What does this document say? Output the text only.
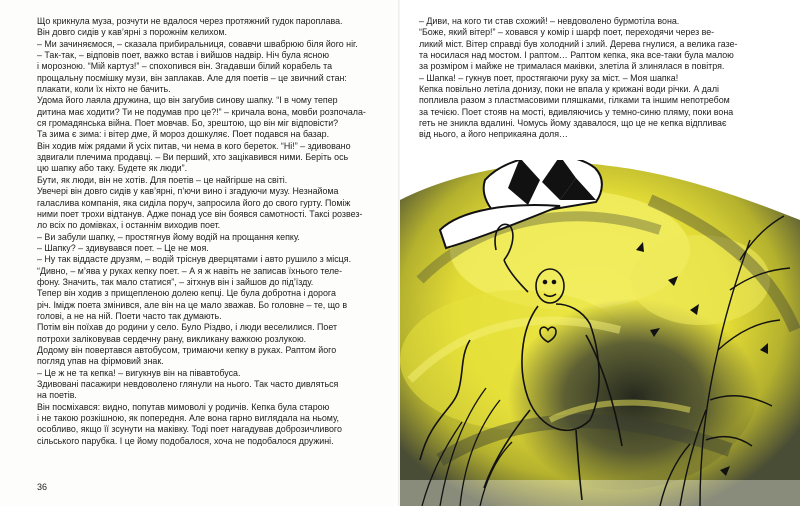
Що крикнула муза, розчути не вдалося через протяжний гудок пароплава.
Він довго сидів у кав’ярні з порожнім келихом.
– Ми зачиняємося, – сказала прибиральниця, совавчи швабрюю біля його ніг.
– Так-так, – відповів поет, важко встав і вийшов надвір. Ніч була ясною
і морозною. “Мій картуз!” – спохопився він. Згадавши білий корабель та
прощальну посмішку музи, він заплакав. Але для поетів – це звичний стан:
плакати, коли їх ніхто не бачить.
Удома його лаяла дружина, що він загубив синову шапку. “І в чому тепер
дитина має ходити? Ти не подумав про це?!” – кричала вона, мовби розпочала-
ся громадянська війна. Поет мовчав. Бо, зрештою, що він міг відповісти?
Та зима є зима: і вітер дме, й мороз дошкуляє. Поет подався на базар.
Він ходив між рядами й усіх питав, чи нема в кого береток. “Ні!” – здивовано
здвигали плечима продавці. – Ви перший, хто зацікавився ними. Беріть ось
цю шапку або таку. Будете як люди”.
Бути, як люди, він не хотів. Для поетів – це найгірше на світі.
Увечері він довго сидів у кав’ярні, п’ючи вино і згадуючи музу. Незнайома
галаслива компанія, яка сиділа поруч, запросила його до свого гурту. Поміж
ними поет трохи відтанув. Адже понад усе він боявся самотності. Таксі розвез-
ло всіх по домівках, і останнім виходив поет.
– Ви забули шапку, – простягнув йому водій на прощання кепку.
– Шапку? – здивувався поет. – Це не моя.
– Ну так віддасте друзям, – водій тріснув дверцятами і авто рушило з місця.
“Дивно, – м’ява у руках кепку поет. – А я ж навіть не записав їхнього теле-
фону. Значить, так мало статися”, – зітхнув він і зайшов до під’їзду.
Тепер він ходив з прищепленою долею кепці. Це була добротна і дорога
річ. Імідж поета змінився, але він на це мало зважав. Бо головне – те, що в
голові, а не на ній. Поети часто так думають.
Потім він поїхав до родини у село. Було Різдво, і люди веселилися. Поет
потрохи заліковував сердечну рану, викликану важкою розлукою.
Додому він повертався автобусом, тримаючи кепку в руках. Раптом його
погляд упав на фірмовий знак.
– Це ж не та кепка! – вигукнув він на півавтобуса.
Здивовані пасажири невдоволено глянули на нього. Так часто дивляться
на поетів.
Він посміхався: видно, попутав мимоволі у родичів. Кепка була старою
і не такою розкішною, як попередня. Але вона гарно виглядала на ньому,
особливо, якщо її зсунути на маківку. Тоді поет нагадував доброзичливого
сільського парубка. І це йому подобалося, хоча не подобалося дружині.
36
– Диви, на кого ти став схожий! – невдоволено бурмотіла вона.
“Боже, який вітер!” – ховався у комір і шарф поет, переходячи через ве-
ликий міст. Вітер справді був холодний і злий. Дерева гнулися, а велика газе-
та носилася над мостом. І раптом… Раптом кепка, яка все-таки була малою
за розміром і майже не трималася маківки, злетіла й злинялася в повітря.
– Шапка! – гукнув поет, простягаючи руку за міст. – Моя шапка!
Кепка повільно летіла донизу, поки не впала у крижані води річки. А далі
попливла разом з пластмасовими пляшками, гілками та іншим непотребом
за течією. Поет стояв на мості, вдивляючись у темно-синю пляму, поки вона
геть не зникла вдалині. Чомусь йому здавалося, що це не кепка відпливає
від нього, а його неприкаяна доля…
